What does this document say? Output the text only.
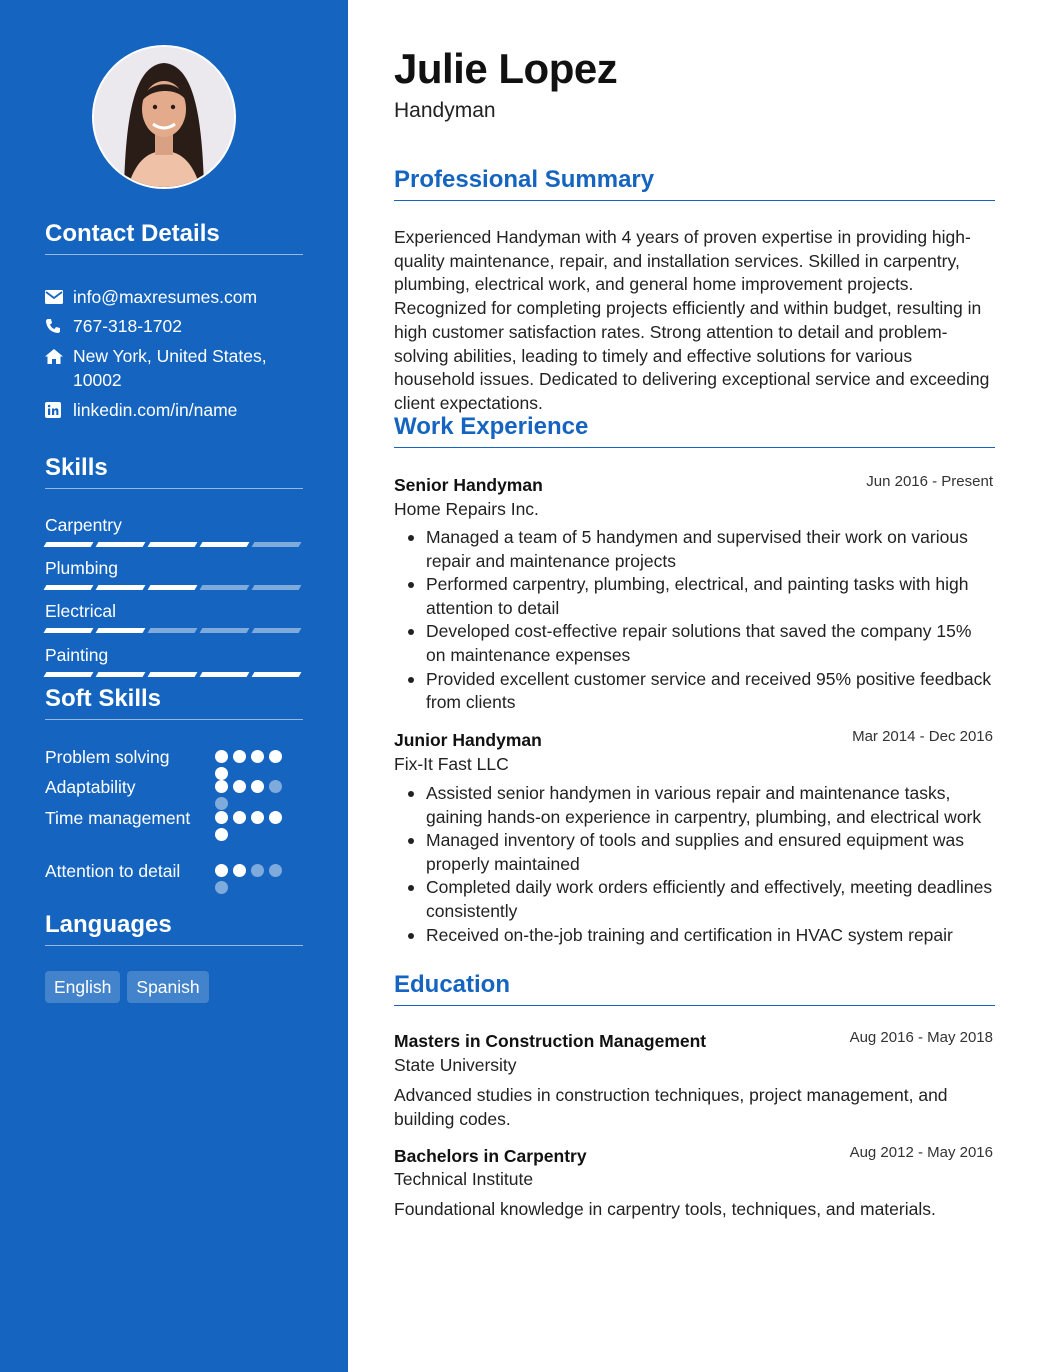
Contact Details
info@maxresumes.com
767-318-1702
New York, United States, 10002
linkedin.com/in/name
Skills
Carpentry
Plumbing
Electrical
Painting
Soft Skills
Problem solving
Adaptability
Time management
Attention to detail
Languages
English	Spanish
Julie Lopez
Handyman
Professional Summary
Experienced Handyman with 4 years of proven expertise in providing high-quality maintenance, repair, and installation services. Skilled in carpentry, plumbing, electrical work, and general home improvement projects. Recognized for completing projects efficiently and within budget, resulting in high customer satisfaction rates. Strong attention to detail and problem-solving abilities, leading to timely and effective solutions for various household issues. Dedicated to delivering exceptional service and exceeding client expectations.
Work Experience
Senior Handyman	Jun 2016 - Present
Home Repairs Inc.
Managed a team of 5 handymen and supervised their work on various repair and maintenance projects
Performed carpentry, plumbing, electrical, and painting tasks with high attention to detail
Developed cost-effective repair solutions that saved the company 15% on maintenance expenses
Provided excellent customer service and received 95% positive feedback from clients
Junior Handyman	Mar 2014 - Dec 2016
Fix-It Fast LLC
Assisted senior handymen in various repair and maintenance tasks, gaining hands-on experience in carpentry, plumbing, and electrical work
Managed inventory of tools and supplies and ensured equipment was properly maintained
Completed daily work orders efficiently and effectively, meeting deadlines consistently
Received on-the-job training and certification in HVAC system repair
Education
Masters in Construction Management	Aug 2016 - May 2018
State University
Advanced studies in construction techniques, project management, and building codes.
Bachelors in Carpentry	Aug 2012 - May 2016
Technical Institute
Foundational knowledge in carpentry tools, techniques, and materials.
